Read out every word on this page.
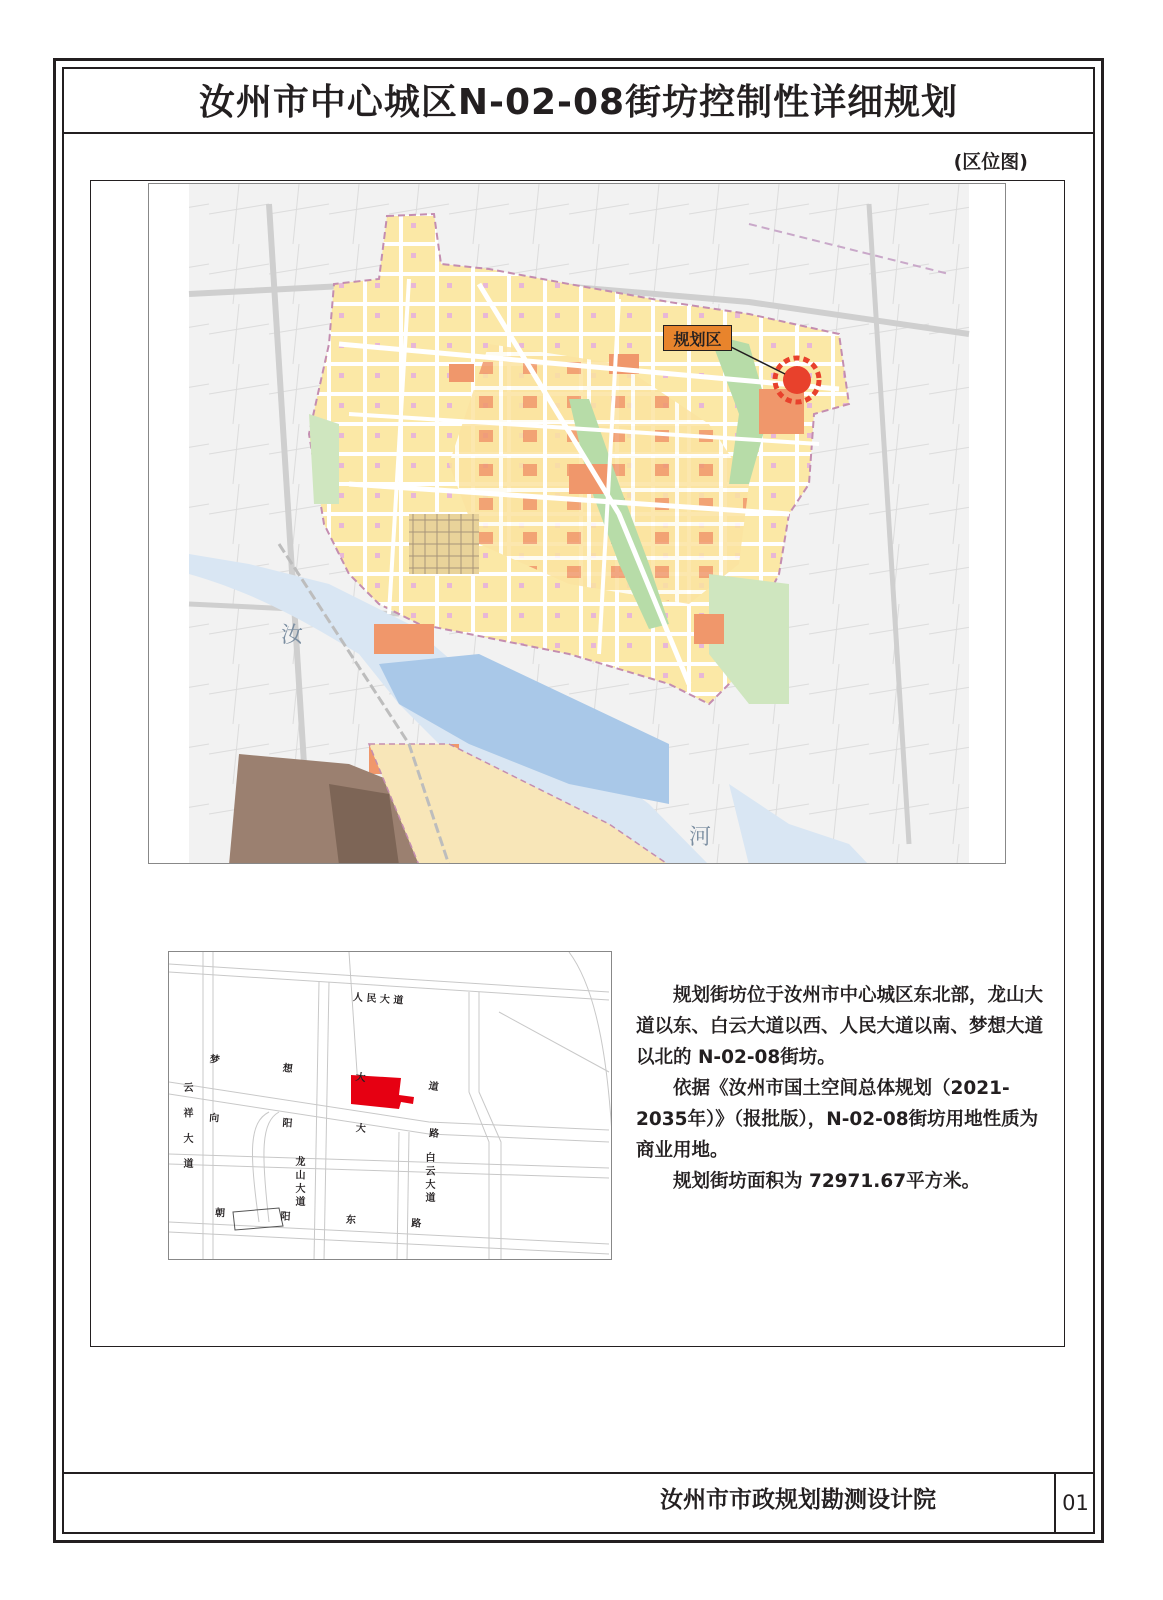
汝州市中心城区N-02-08街坊控制性详细规划
(区位图)
规划区
汝
河
人 民 大 道
梦 想 大 道
向 阳 大 路
朝 阳 东 路
龙 山 大 道	白 云 大 道
云 祥 大 道

规划街坊位于汝州市中心城区东北部，龙山大道以东、白云大道以西、人民大道以南、梦想大道以北的 N-02-08街坊。

依据《汝州市国土空间总体规划（2021-2035年）》（报批版），N-02-08街坊用地性质为商业用地。

规划街坊面积为 72971.67平方米。

汝州市市政规划勘测设计院	01
